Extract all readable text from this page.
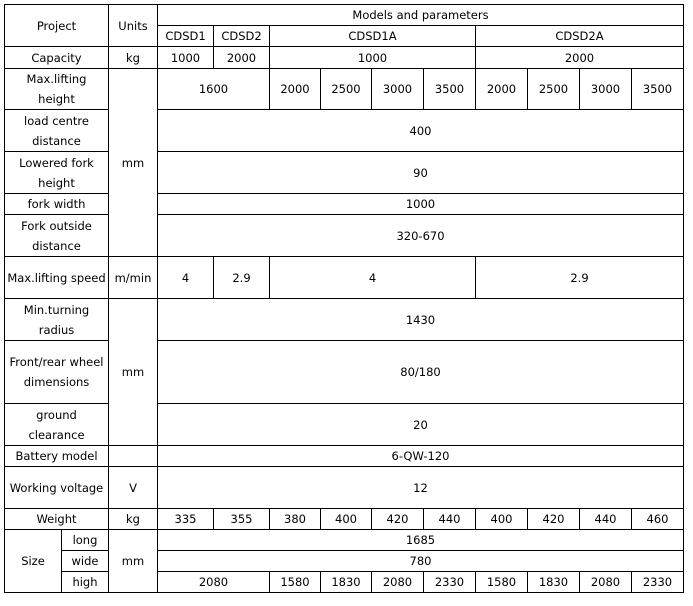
Project		Units	Models and parameters									
			CDSD1	CDSD2	CDSD1A				CDSD2A			
Capacity		kg	1000	2000	1000				2000			
Max.lifting height		mm	1600		2000	2500	3000	3500	2000	2500	3000	3500
load centre distance			400									
Lowered fork height			90									
fork width			1000									
Fork outside distance			320-670									
Max.lifting speed		m/min	4	2.9	4				2.9			
Min.turning radius		mm	1430									
Front/rear wheel dimensions			80/180									
ground clearance			20									
Battery model			6-QW-120									
Working voltage		V	12									
Weight		kg	335	355	380	400	420	440	400	420	440	460
Size	long	mm	1685									
	wide		780									
	high		2080		1580	1830	2080	2330	1580	1830	2080	2330
